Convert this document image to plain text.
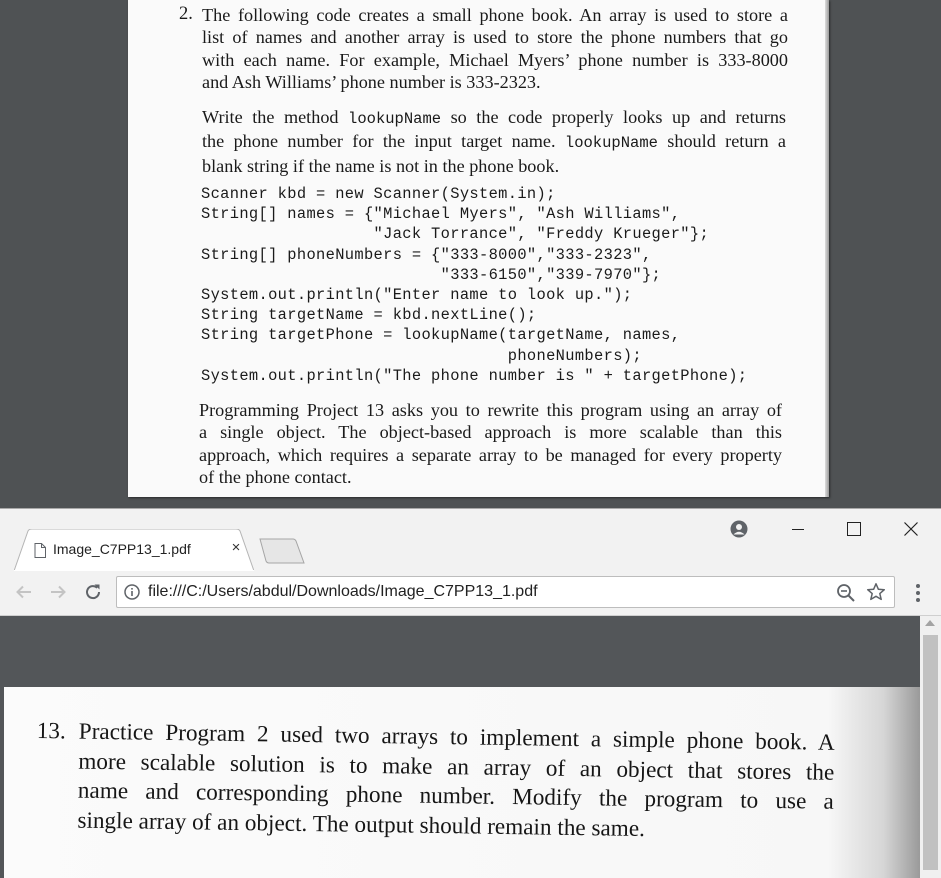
2. The following code creates a small phone book. An array is used to store a
list of names and another array is used to store the phone numbers that go
with each name. For example, Michael Myers’ phone number is 333-8000
and Ash Williams’ phone number is 333-2323.

Write the method lookupName so the code properly looks up and returns
the phone number for the input target name. lookupName should return a
blank string if the name is not in the phone book.

Scanner kbd = new Scanner(System.in);
String[] names = {"Michael Myers", "Ash Williams",
"Jack Torrance", "Freddy Krueger"};
String[] phoneNumbers = {"333-8000","333-2323",
"333-6150","339-7970"};
System.out.println("Enter name to look up.");
String targetName = kbd.nextLine();
String targetPhone = lookupName(targetName, names,
phoneNumbers);
System.out.println("The phone number is " + targetPhone);

Programming Project 13 asks you to rewrite this program using an array of
a single object. The object-based approach is more scalable than this
approach, which requires a separate array to be managed for every property
of the phone contact.

Image_C7PP13_1.pdf	×
file:///C:/Users/abdul/Downloads/Image_C7PP13_1.pdf
13. Practice Program 2 used two arrays to implement a simple phone book. A
more scalable solution is to make an array of an object that stores the
name and corresponding phone number. Modify the program to use a
single array of an object. The output should remain the same.
